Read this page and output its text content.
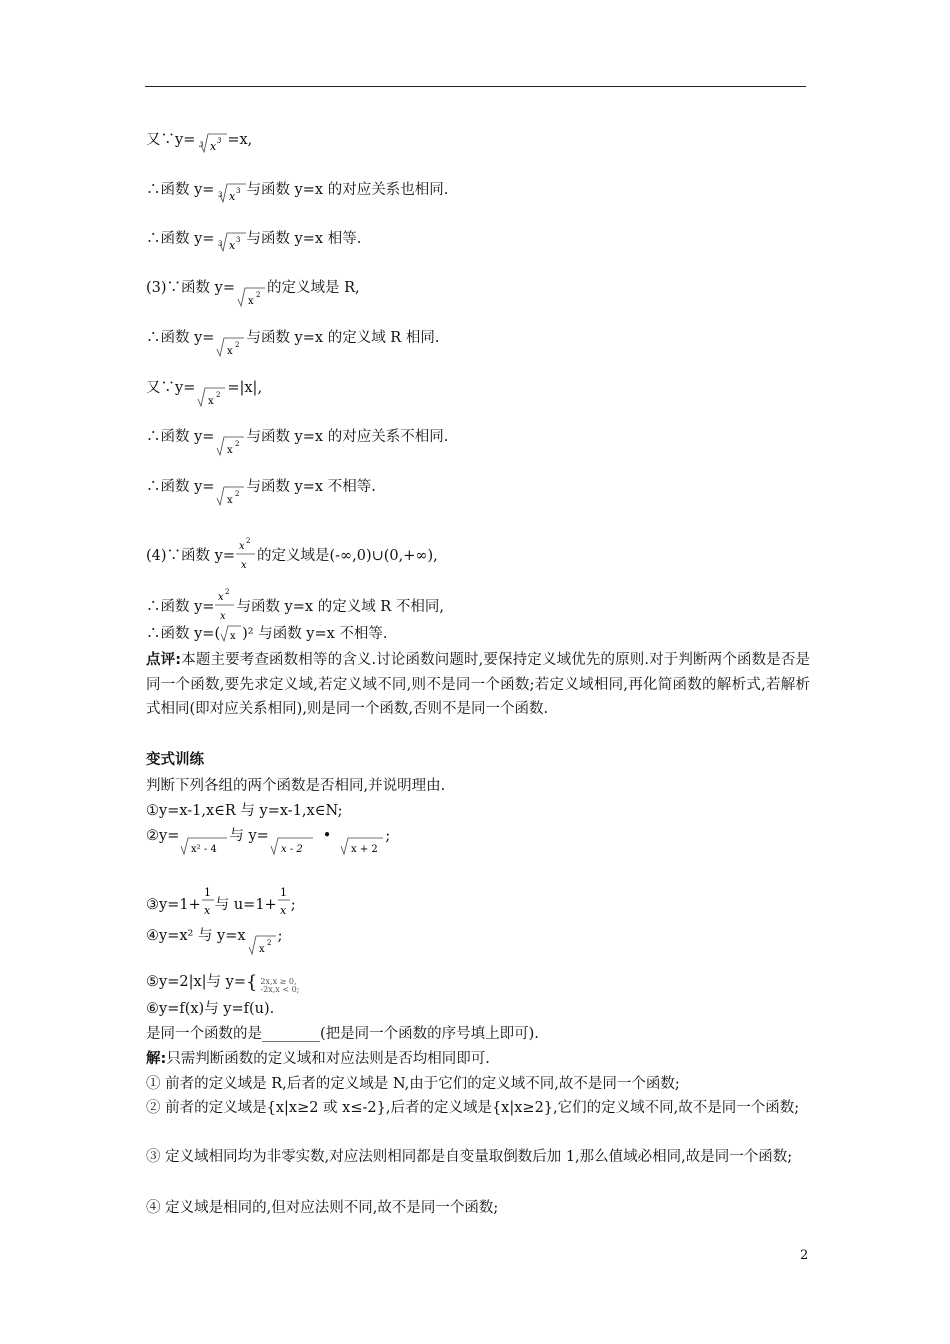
又∵y= 3 x 3 =x,
∴函数 y= 3 x 3 与函数 y=x 的对应关系也相同.
∴函数 y= 3 x 3 与函数 y=x 相等.
(3)∵函数 y=
x
2 的定义域是 R,
∴函数 y=
x
2 与函数 y=x 的定义域 R 相同.
又∵y=
x
2 =|x|,
∴函数 y=
x
2 与函数 y=x 的对应关系不相同.
∴函数 y=
x
2 与函数 y=x 不相等.
(4)∵函数 y=
x 2
x
的定义域是(-∞,0)∪(0,+∞),
∴函数 y=
x 2
x
与函数 y=x 的定义域 R 不相同,
∴函数 y=( x )² 与函数 y=x 不相等.
点评:本题主要考查函数相等的含义.讨论函数问题时,要保持定义域优先的原则.对于判断两个函数是否是同一个函数,要先求定义域,若定义域不同,则不是同一个函数;若定义域相同,再化简函数的解析式,若解析式相同(即对应关系相同),则是同一个函数,否则不是同一个函数.
变式训练
判断下列各组的两个函数是否相同,并说明理由.
①y=x-1,x∈R 与 y=x-1,x∈N;
②y=
x² - 4
与 y=
x - 2
•
x + 2
;
③y=1+
1
x 与 u=1+
1
x ;
④y=x² 与 y=x
x
2 ;
⑤y=2|x|与 y={ 2x,x ≥ 0,
-2x,x < 0;
⑥y=f(x)与 y=f(u).
是同一个函数的是________(把是同一个函数的序号填上即可).
解:只需判断函数的定义域和对应法则是否均相同即可.
① 前者的定义域是 R,后者的定义域是 N,由于它们的定义域不同,故不是同一个函数;
② 前者的定义域是{x|x≥2 或 x≤-2},后者的定义域是{x|x≥2},它们的定义域不同,故不是同一个函数;
③ 定义域相同均为非零实数,对应法则相同都是自变量取倒数后加 1,那么值域必相同,故是同一个函数;
④ 定义域是相同的,但对应法则不同,故不是同一个函数;
2
